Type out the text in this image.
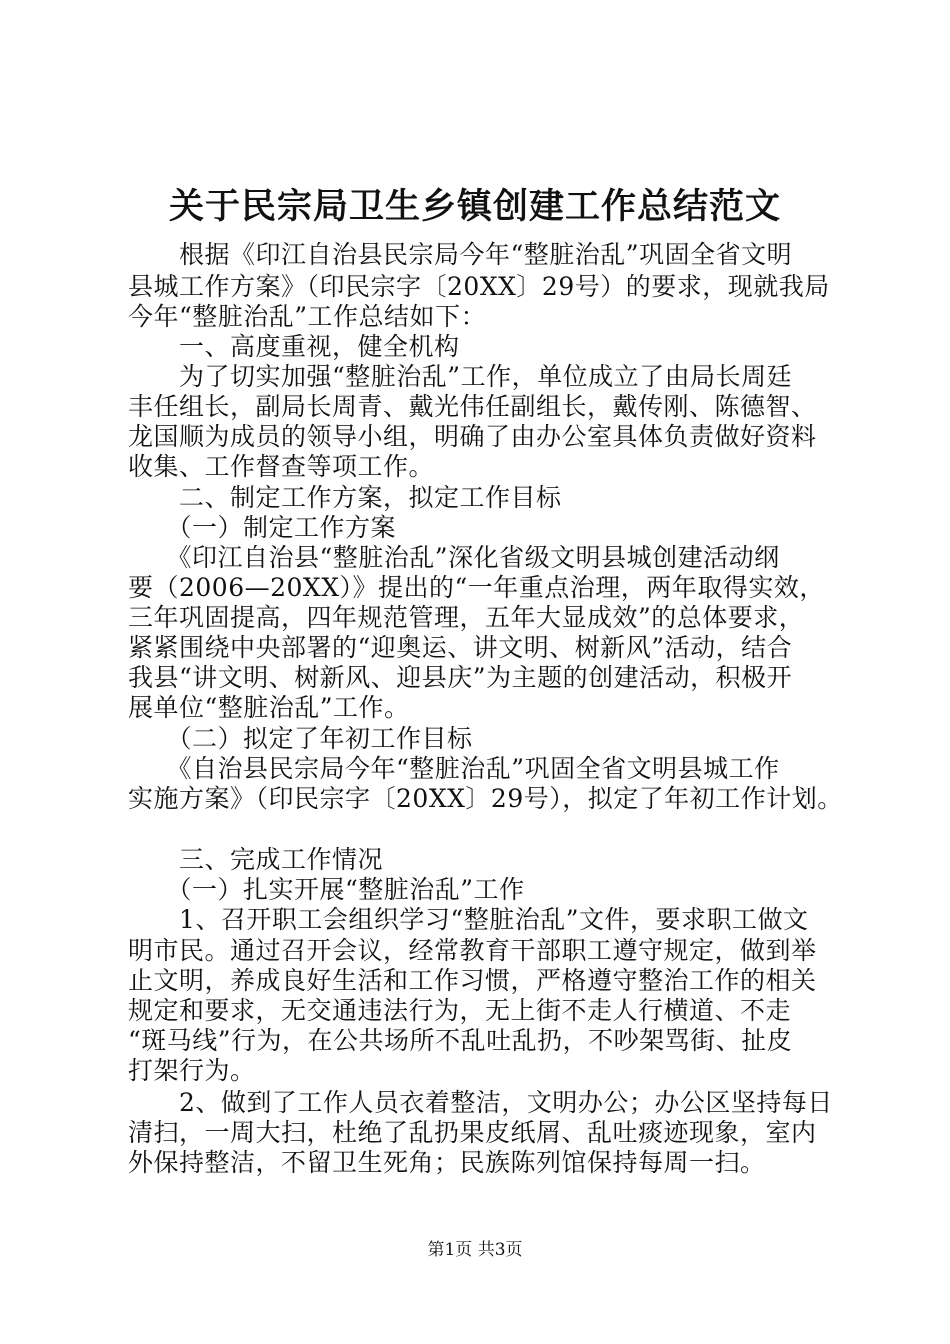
关于民宗局卫生乡镇创建工作总结范文
　　根据《印江自治县民宗局今年“整脏治乱”巩固全省文明
县城工作方案》（印民宗字〔20XX〕29号）的要求，现就我局
今年“整脏治乱”工作总结如下：
　　一、高度重视，健全机构
　　为了切实加强“整脏治乱”工作，单位成立了由局长周廷
丰任组长，副局长周青、戴光伟任副组长，戴传刚、陈德智、
龙国顺为成员的领导小组，明确了由办公室具体负责做好资料
收集、工作督查等项工作。
　　二、制定工作方案，拟定工作目标
　　（一）制定工作方案
　　《印江自治县“整脏治乱”深化省级文明县城创建活动纲
要（2006—20XX）》提出的“一年重点治理，两年取得实效，
三年巩固提高，四年规范管理，五年大显成效”的总体要求，
紧紧围绕中央部署的“迎奥运、讲文明、树新风”活动，结合
我县“讲文明、树新风、迎县庆”为主题的创建活动，积极开
展单位“整脏治乱”工作。
　　（二）拟定了年初工作目标
　　《自治县民宗局今年“整脏治乱”巩固全省文明县城工作
实施方案》（印民宗字〔20XX〕29号），拟定了年初工作计划。
　　三、完成工作情况
　　（一）扎实开展“整脏治乱”工作
　　1、召开职工会组织学习“整脏治乱”文件，要求职工做文
明市民。通过召开会议，经常教育干部职工遵守规定，做到举
止文明，养成良好生活和工作习惯，严格遵守整治工作的相关
规定和要求，无交通违法行为，无上街不走人行横道、不走
“斑马线”行为，在公共场所不乱吐乱扔，不吵架骂街、扯皮
打架行为。
　　2、做到了工作人员衣着整洁，文明办公；办公区坚持每日
清扫，一周大扫，杜绝了乱扔果皮纸屑、乱吐痰迹现象，室内
外保持整洁，不留卫生死角；民族陈列馆保持每周一扫。
第1页 共3页
